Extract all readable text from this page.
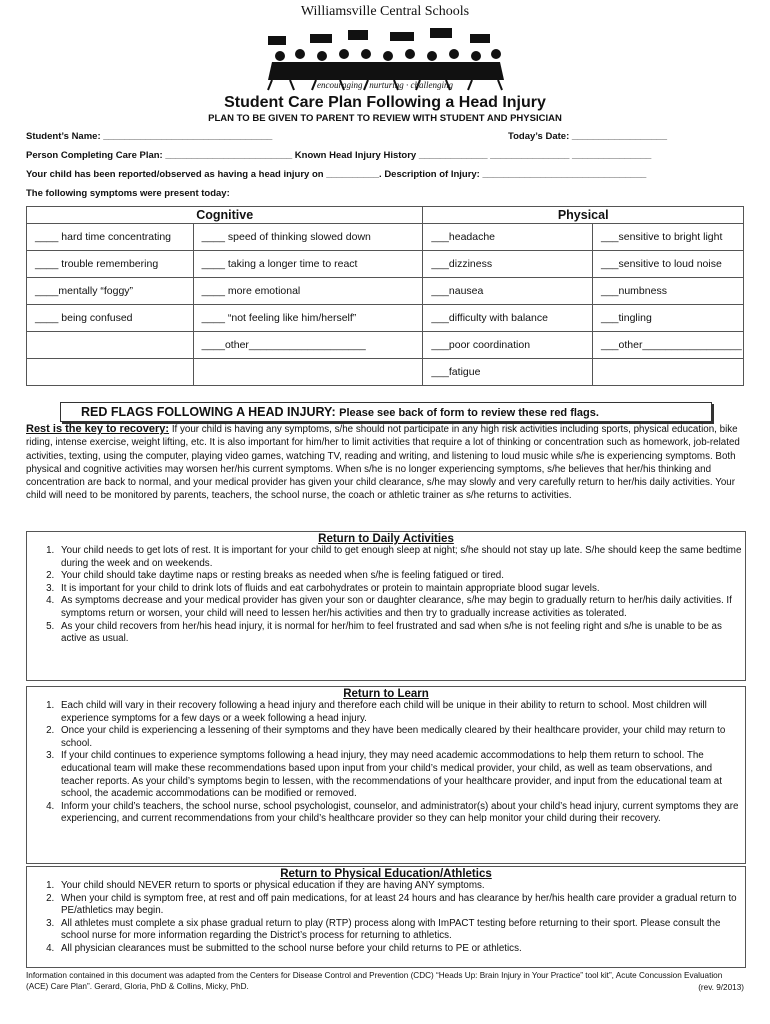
Williamsville Central Schools
encouraging · nurturing · challenging
Student Care Plan Following a Head Injury
PLAN TO BE GIVEN TO PARENT TO REVIEW WITH STUDENT AND PHYSICIAN
Student’s Name: ________________________________	Today’s Date: __________________
Person Completing Care Plan: ________________________ Known Head Injury History _____________ _______________ _______________
Your child has been reported/observed as having a head injury on __________. Description of Injury: _______________________________
The following symptoms were present today:
Cognitive		Physical	
____ hard time concentrating	____ speed of thinking slowed down	___headache	___sensitive to bright light
____ trouble remembering	____ taking a longer time to react	___dizziness	___sensitive to loud noise
____mentally “foggy”	____ more emotional	___nausea	___numbness
____ being confused	____ “not feeling like him/herself”	___difficulty with balance	___tingling
	____other____________________	___poor coordination	___other_________________
		___fatigue	
RED FLAGS FOLLOWING A HEAD INJURY: Please see back of form to review these red flags.
Rest is the key to recovery: If your child is having any symptoms, s/he should not participate in any high risk activities including sports, physical education, bike riding, intense exercise, weight lifting, etc. It is also important for him/her to limit activities that require a lot of thinking or concentration such as homework, job-related activities, texting, using the computer, playing video games, watching TV, reading and writing, and listening to loud music while s/he is experiencing symptoms. Both physical and cognitive activities may worsen her/his current symptoms. When s/he is no longer experiencing symptoms, s/he believes that her/his thinking and concentration are back to normal, and your medical provider has given your child clearance, s/he may slowly and very carefully return to her/his daily activities. Your child will need to be monitored by parents, teachers, the school nurse, the coach or athletic trainer as s/he returns to activities.
Return to Daily Activities
1. Your child needs to get lots of rest. It is important for your child to get enough sleep at night; s/he should not stay up late. S/he should keep the same bedtime during the week and on weekends.
2. Your child should take daytime naps or resting breaks as needed when s/he is feeling fatigued or tired.
3. It is important for your child to drink lots of fluids and eat carbohydrates or protein to maintain appropriate blood sugar levels.
4. As symptoms decrease and your medical provider has given your son or daughter clearance, s/he may begin to gradually return to her/his daily activities. If symptoms return or worsen, your child will need to lessen her/his activities and then try to gradually increase activities as tolerated.
5. As your child recovers from her/his head injury, it is normal for her/him to feel frustrated and sad when s/he is not feeling right and s/he is unable to be as active as usual.
Return to Learn
1. Each child will vary in their recovery following a head injury and therefore each child will be unique in their ability to return to school. Most children will experience symptoms for a few days or a week following a head injury.
2. Once your child is experiencing a lessening of their symptoms and they have been medically cleared by their healthcare provider, your child may return to school.
3. If your child continues to experience symptoms following a head injury, they may need academic accommodations to help them return to school. The educational team will make these recommendations based upon input from your child’s medical provider, your child, as well as team observations, and teacher reports. As your child’s symptoms begin to lessen, with the recommendations of your healthcare provider, and input from the educational team at school, the academic accommodations can be modified or removed.
4. Inform your child’s teachers, the school nurse, school psychologist, counselor, and administrator(s) about your child’s head injury, current symptoms they are experiencing, and current recommendations from your child’s healthcare provider so they can help monitor your child during their recovery.
Return to Physical Education/Athletics
1. Your child should NEVER return to sports or physical education if they are having ANY symptoms.
2. When your child is symptom free, at rest and off pain medications, for at least 24 hours and has clearance by her/his health care provider a gradual return to PE/athletics may begin.
3. All athletes must complete a six phase gradual return to play (RTP) process along with ImPACT testing before returning to their sport. Please consult the school nurse for more information regarding the District’s process for returning to athletics.
4. All physician clearances must be submitted to the school nurse before your child returns to PE or athletics.
Information contained in this document was adapted from the Centers for Disease Control and Prevention (CDC) “Heads Up: Brain Injury in Your Practice” tool kit”, Acute Concussion Evaluation (ACE) Care Plan”. Gerard, Gloria, PhD & Collins, Micky, PhD.	(rev. 9/2013)
